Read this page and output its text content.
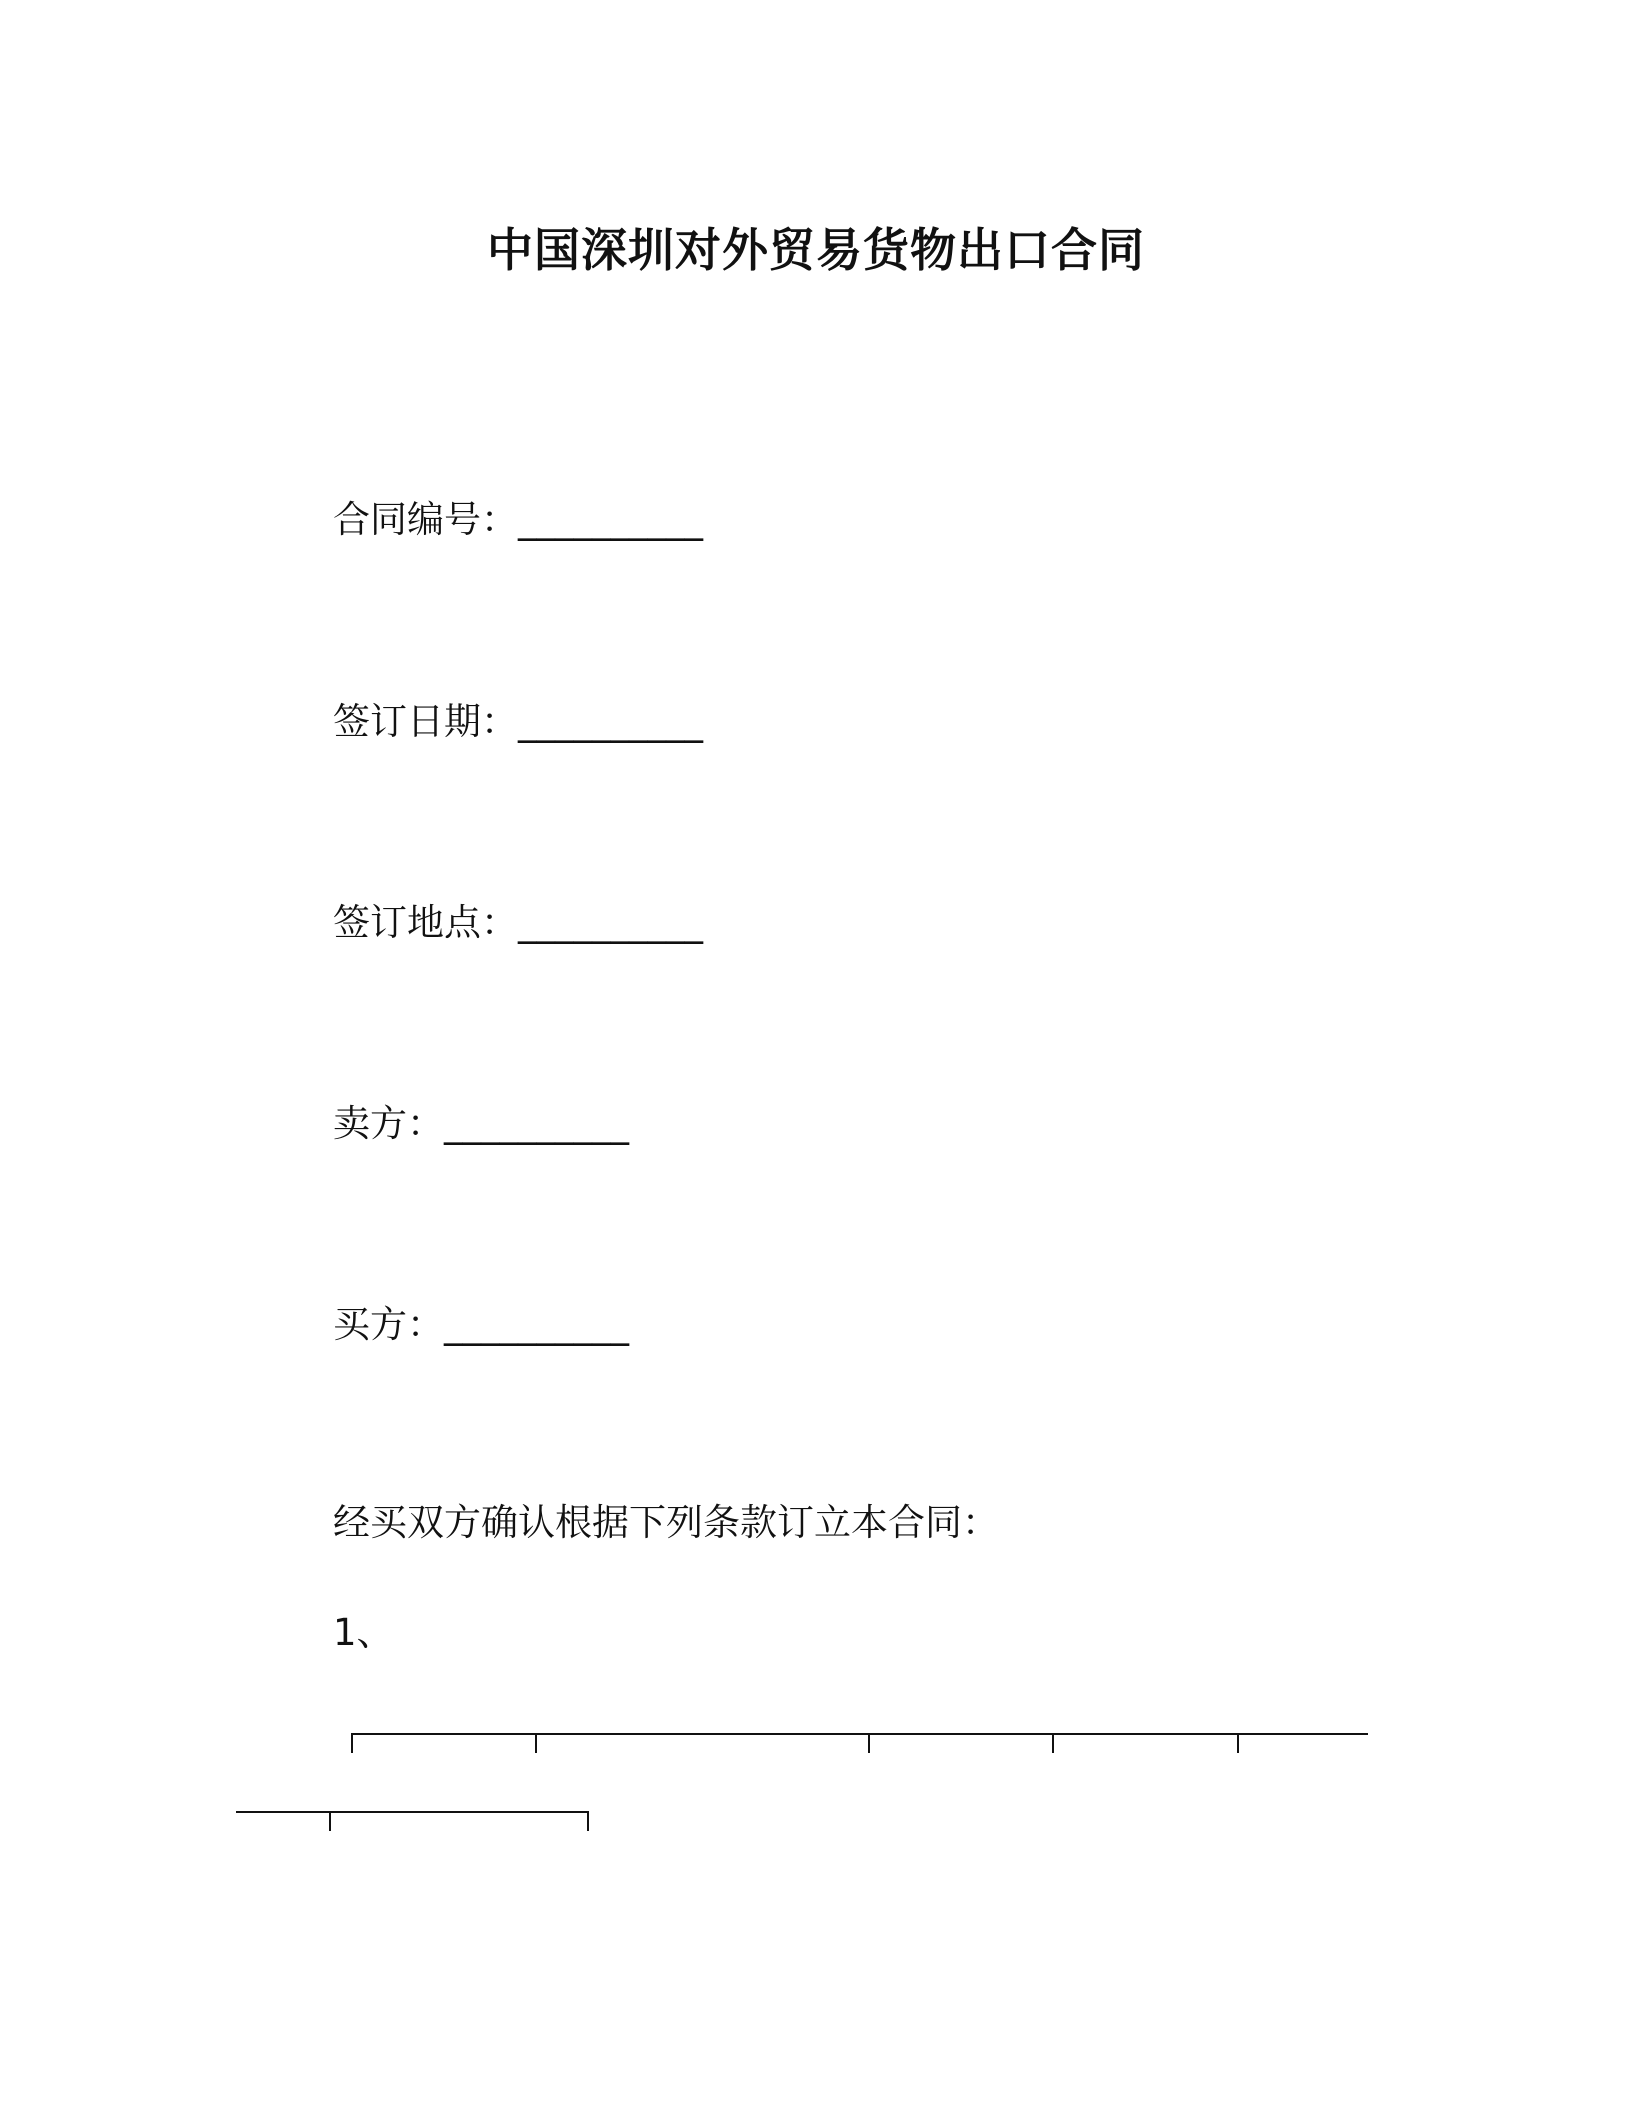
中国深圳对外贸易货物出口合同
合同编号：__________
签订日期：__________
签订地点：__________
卖方：__________
买方：__________
经买双方确认根据下列条款订立本合同：
1、
